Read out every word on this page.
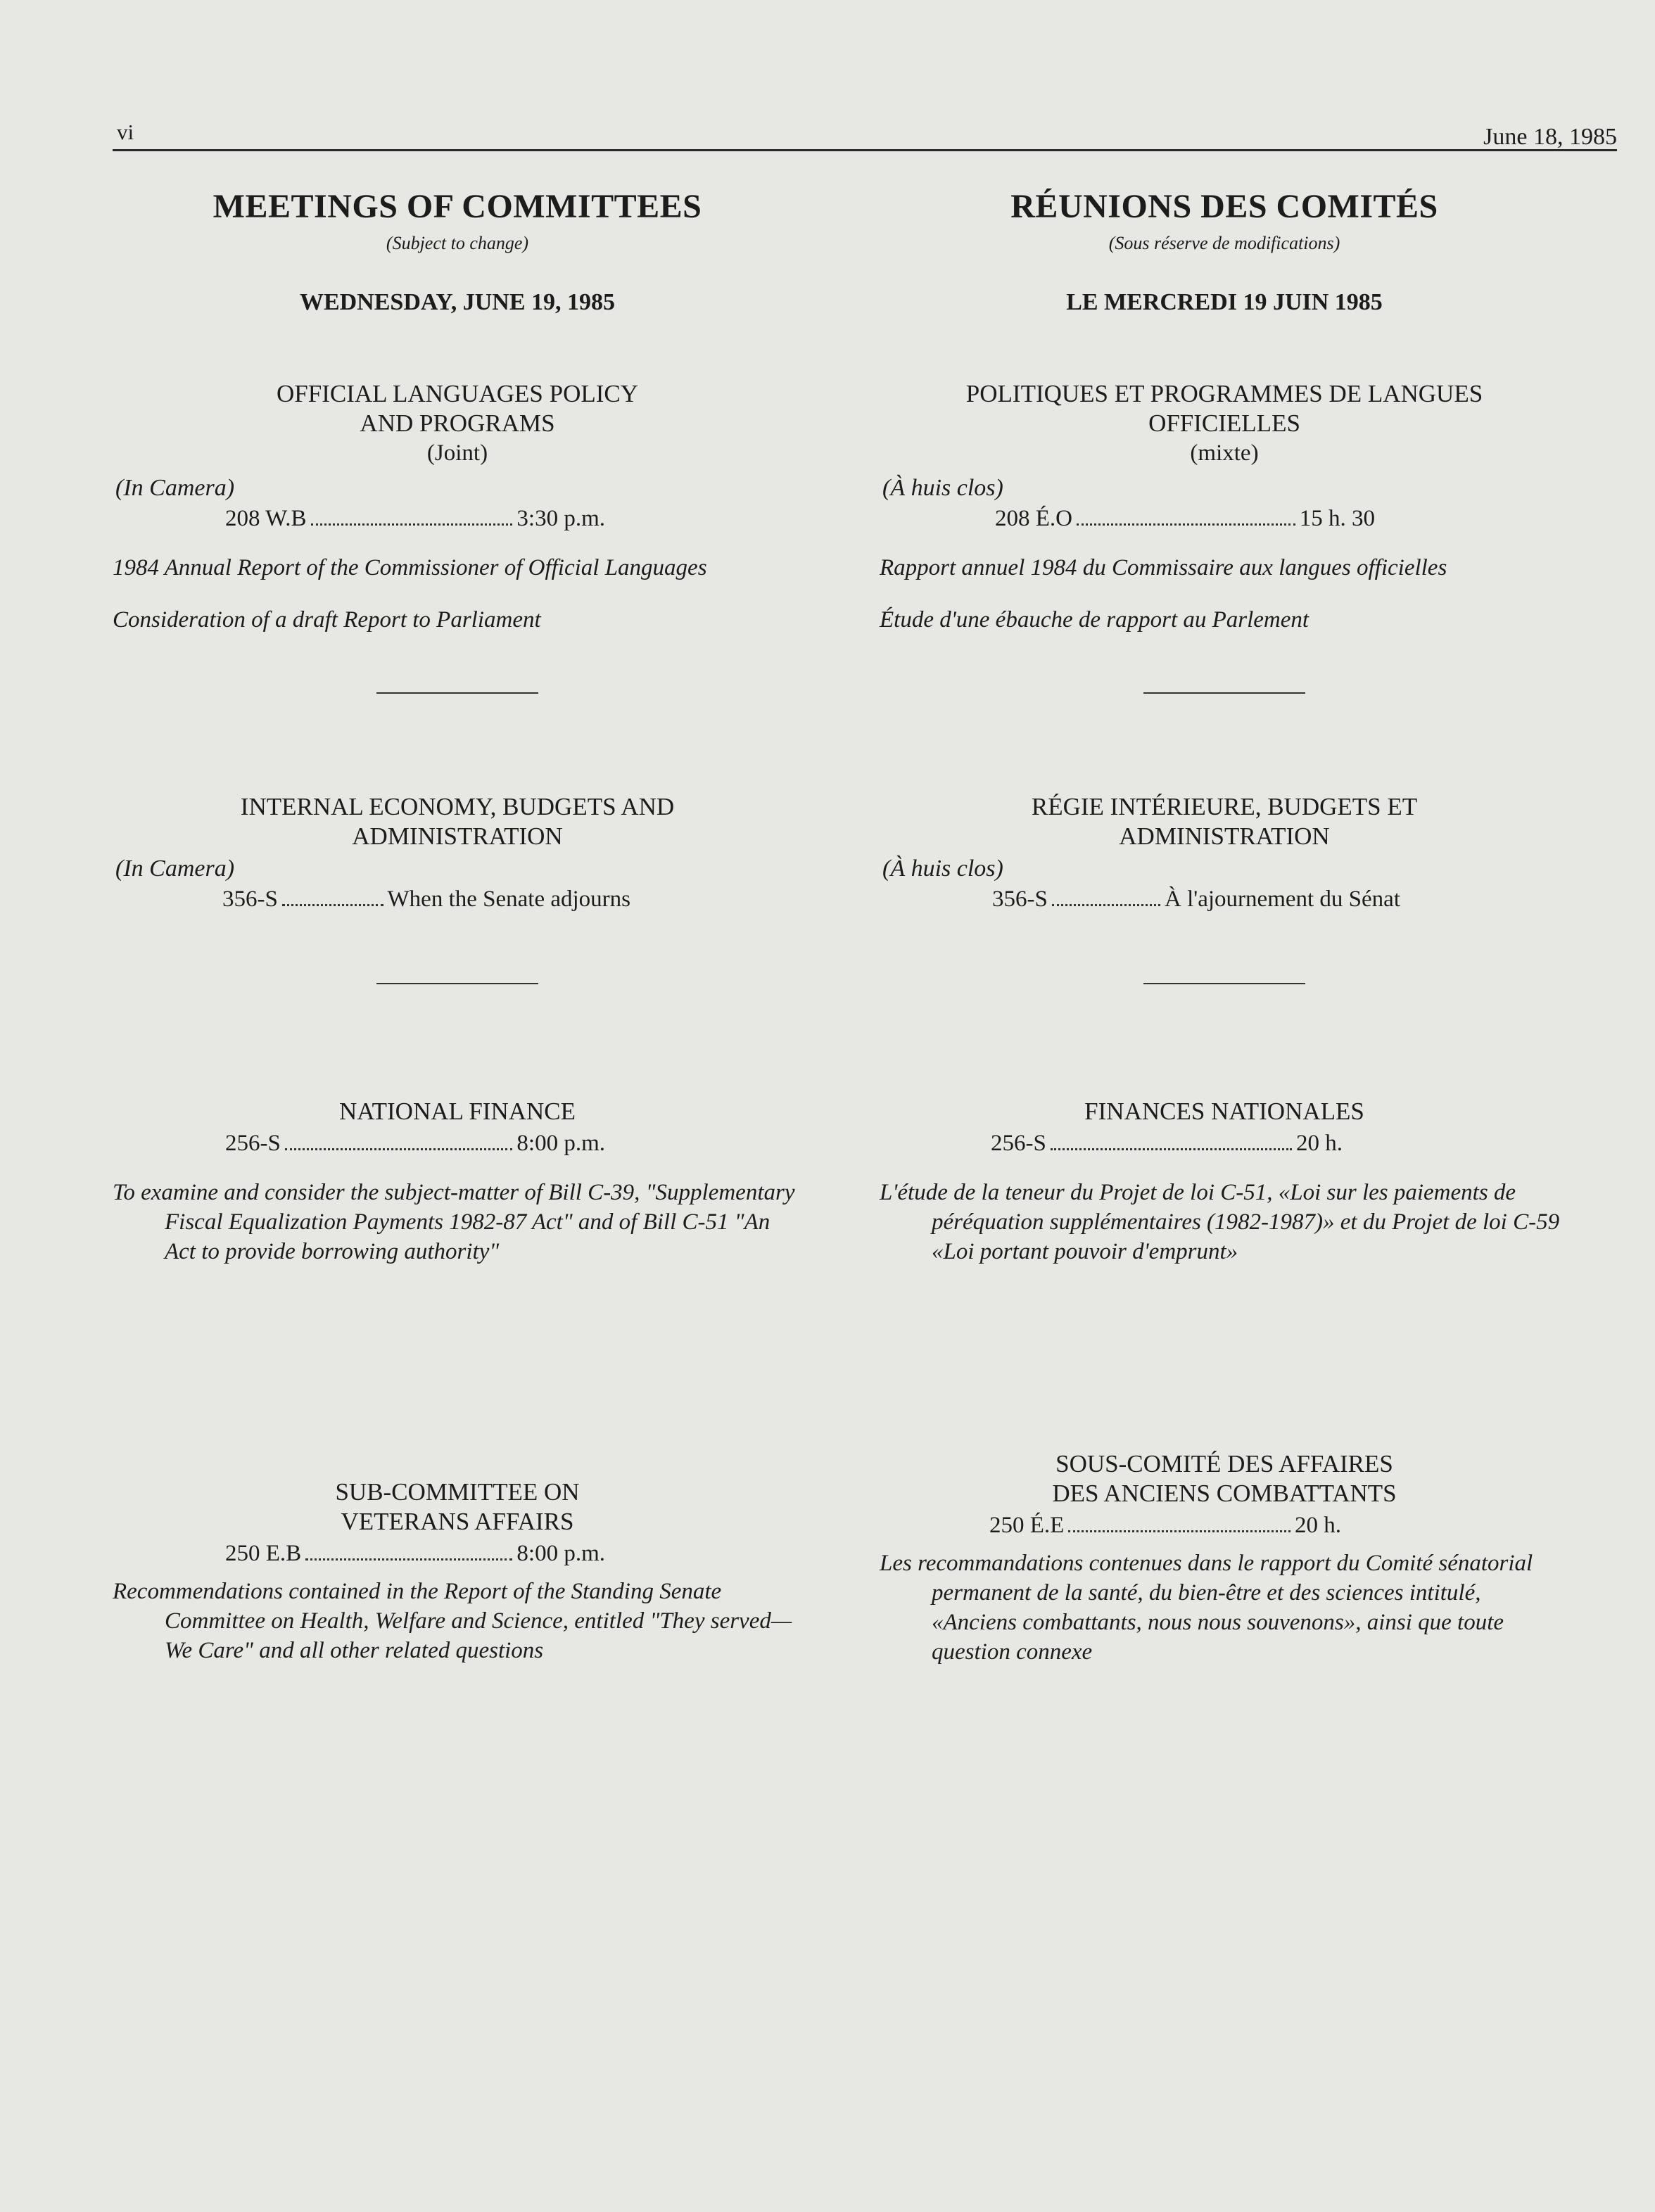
vi	June 18, 1985
MEETINGS OF COMMITTEES
(Subject to change)
WEDNESDAY, JUNE 19, 1985
OFFICIAL LANGUAGES POLICY
AND PROGRAMS
(Joint)
(In Camera)
208 W.B	3:30 p.m.
1984 Annual Report of the Commissioner of Official Languages
Consideration of a draft Report to Parliament
INTERNAL ECONOMY, BUDGETS AND
ADMINISTRATION
(In Camera)
356-S	When the Senate adjourns
NATIONAL FINANCE
256-S	8:00 p.m.
To examine and consider the subject-matter of Bill C-39, "Supplementary Fiscal Equalization Payments 1982-87 Act" and of Bill C-51 "An Act to provide borrowing authority"
SUB-COMMITTEE ON
VETERANS AFFAIRS
250 E.B	8:00 p.m.
Recommendations contained in the Report of the Standing Senate Committee on Health, Welfare and Science, entitled "They served—We Care" and all other related questions
RÉUNIONS DES COMITÉS
(Sous réserve de modifications)
LE MERCREDI 19 JUIN 1985
POLITIQUES ET PROGRAMMES DE LANGUES
OFFICIELLES
(mixte)
(À huis clos)
208 É.O	15 h. 30
Rapport annuel 1984 du Commissaire aux langues officielles
Étude d'une ébauche de rapport au Parlement
RÉGIE INTÉRIEURE, BUDGETS ET
ADMINISTRATION
(À huis clos)
356-S	À l'ajournement du Sénat
FINANCES NATIONALES
256-S	20 h.
L'étude de la teneur du Projet de loi C-51, «Loi sur les paiements de péréquation supplémentaires (1982-1987)» et du Projet de loi C-59 «Loi portant pouvoir d'emprunt»
SOUS-COMITÉ DES AFFAIRES
DES ANCIENS COMBATTANTS
250 É.E	20 h.
Les recommandations contenues dans le rapport du Comité sénatorial permanent de la santé, du bien-être et des sciences intitulé, «Anciens combattants, nous nous souvenons», ainsi que toute question connexe
